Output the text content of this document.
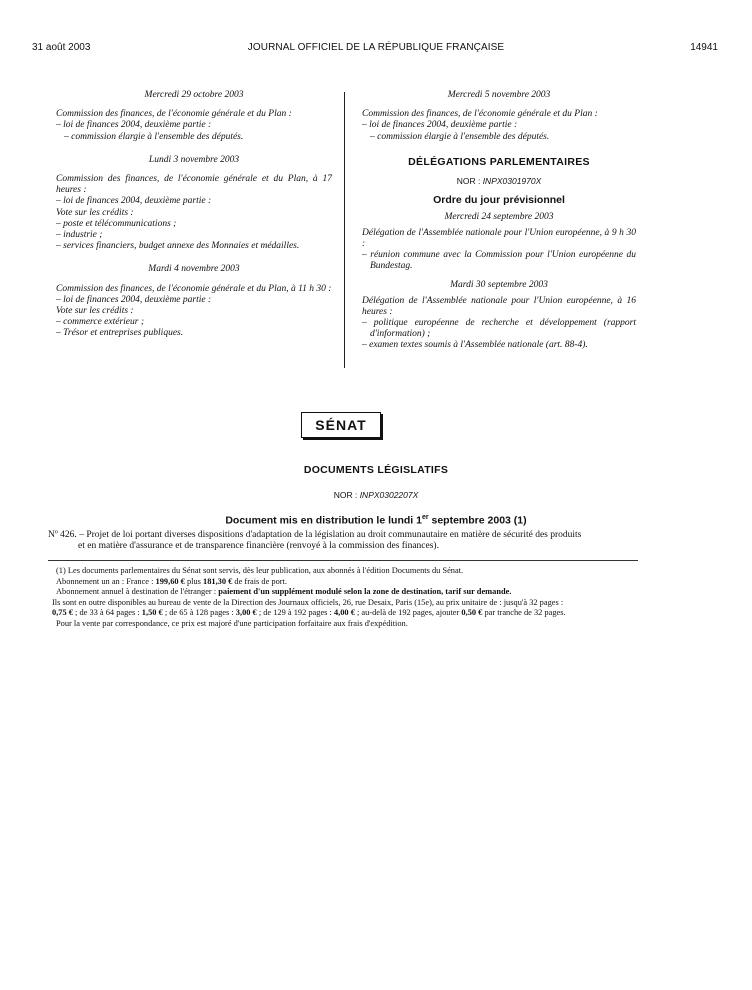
31 août 2003	JOURNAL OFFICIEL DE LA RÉPUBLIQUE FRANÇAISE	14941

Mercredi 29 octobre 2003

Commission des finances, de l'économie générale et du Plan :

– loi de finances 2004, deuxième partie :

– commission élargie à l'ensemble des députés.

Lundi 3 novembre 2003

Commission des finances, de l'économie générale et du Plan, à 17 heures :

– loi de finances 2004, deuxième partie :

Vote sur les crédits :

– poste et télécommunications ;

– industrie ;

– services financiers, budget annexe des Monnaies et médailles.

Mardi 4 novembre 2003

Commission des finances, de l'économie générale et du Plan, à 11 h 30 :

– loi de finances 2004, deuxième partie :

Vote sur les crédits :

– commerce extérieur ;

– Trésor et entreprises publiques.

Mercredi 5 novembre 2003

Commission des finances, de l'économie générale et du Plan :

– loi de finances 2004, deuxième partie :

– commission élargie à l'ensemble des députés.

DÉLÉGATIONS PARLEMENTAIRES

NOR : INPX0301970X

Ordre du jour prévisionnel

Mercredi 24 septembre 2003

Délégation de l'Assemblée nationale pour l'Union européenne, à 9 h 30 :

– réunion commune avec la Commission pour l'Union européenne du Bundestag.

Mardi 30 septembre 2003

Délégation de l'Assemblée nationale pour l'Union européenne, à 16 heures :

– politique européenne de recherche et développement (rapport d'information) ;

– examen textes soumis à l'Assemblée nationale (art. 88-4).

SÉNAT
DOCUMENTS LÉGISLATIFS
NOR : INPX0302207X
Document mis en distribution le lundi 1er septembre 2003 (1)
Nº 426. – Projet de loi portant diverses dispositions d'adaptation de la législation au droit communautaire en matière de sécurité des produits
et en matière d'assurance et de transparence financière (renvoyé à la commission des finances).

(1) Les documents parlementaires du Sénat sont servis, dès leur publication, aux abonnés à l'édition Documents du Sénat.

Abonnement un an : France : 199,60 € plus 181,30 € de frais de port.

Abonnement annuel à destination de l'étranger : paiement d'un supplément modulé selon la zone de destination, tarif sur demande.

Ils sont en outre disponibles au bureau de vente de la Direction des Journaux officiels, 26, rue Desaix, Paris (15e), au prix unitaire de : jusqu'à 32 pages :

0,75 € ; de 33 à 64 pages : 1,50 € ; de 65 à 128 pages : 3,00 € ; de 129 à 192 pages : 4,00 € ; au-delà de 192 pages, ajouter 0,50 € par tranche de 32 pages.

Pour la vente par correspondance, ce prix est majoré d'une participation forfaitaire aux frais d'expédition.
